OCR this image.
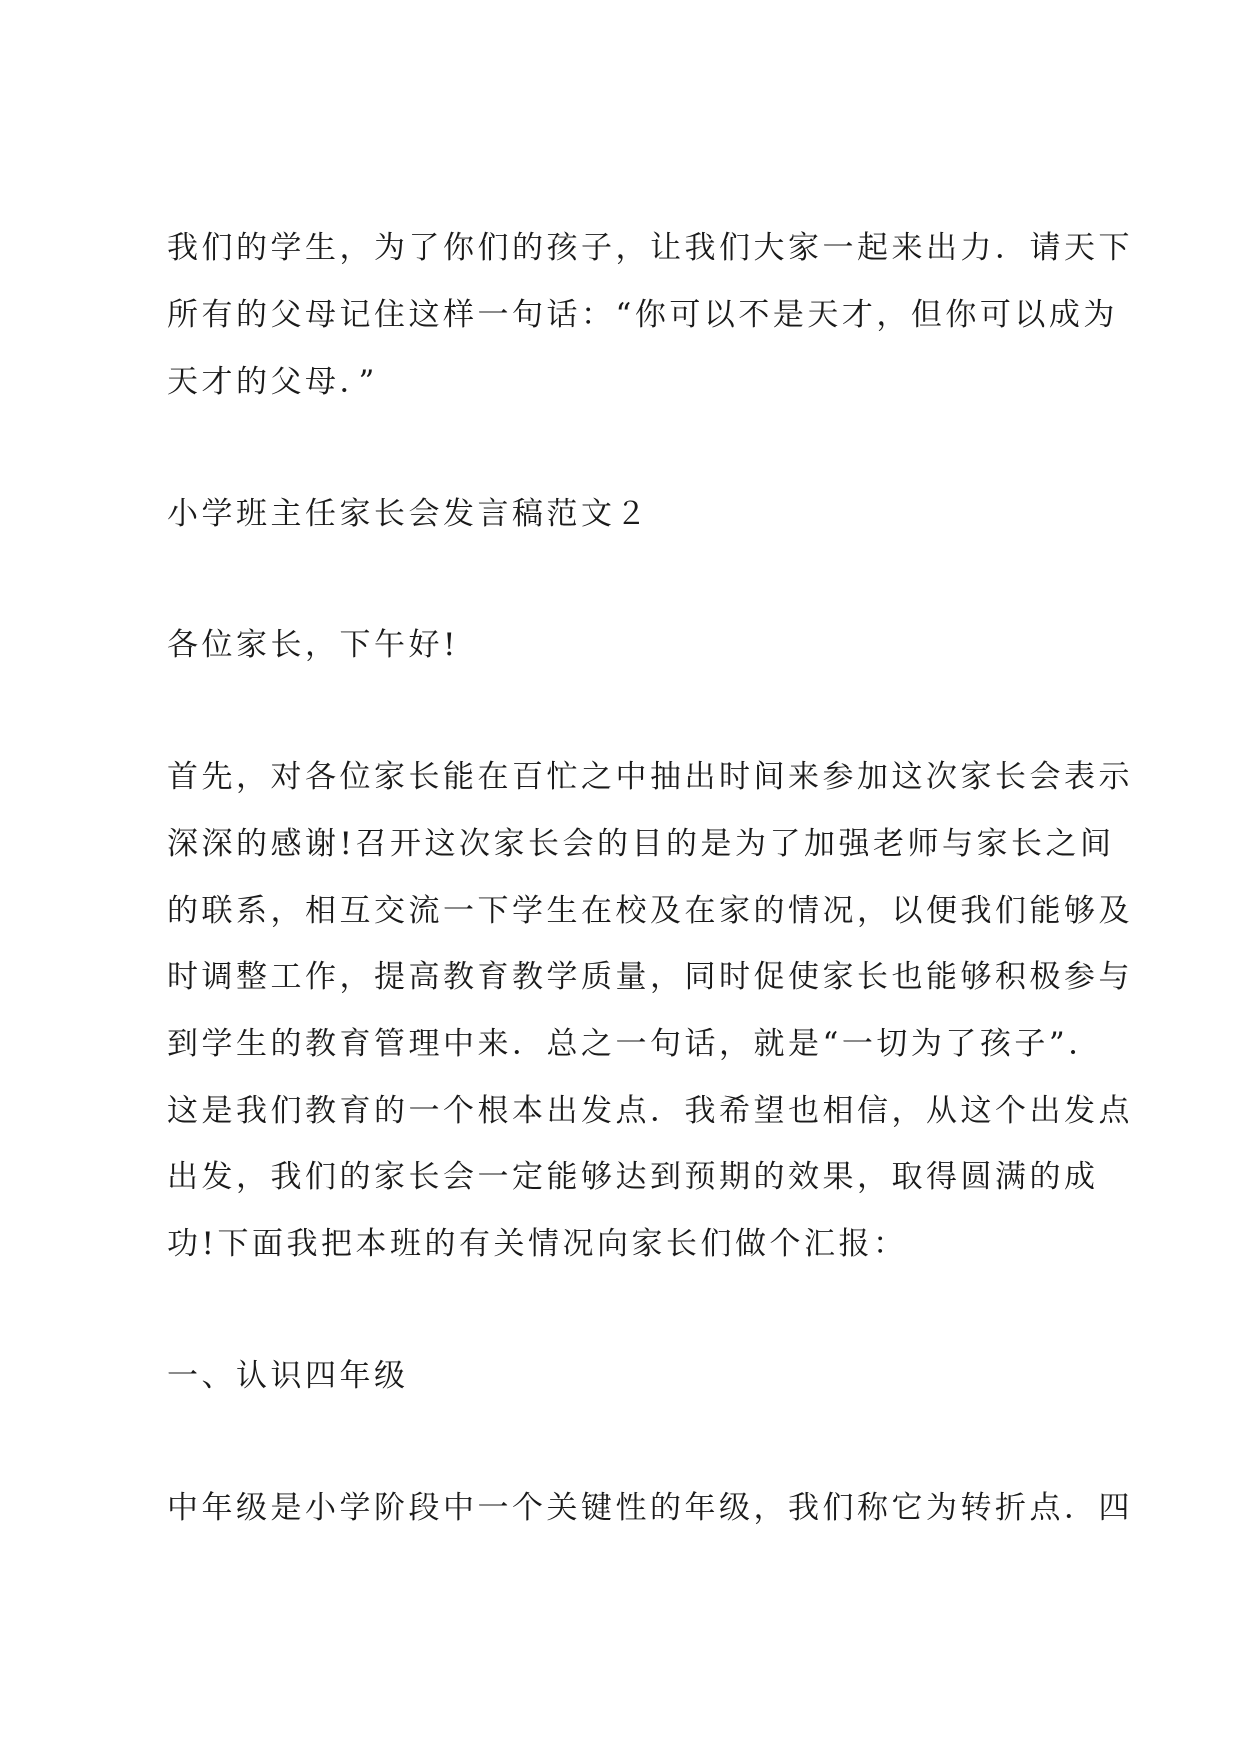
我们的学生，为了你们的孩子，让我们大家一起来出力．请天下
所有的父母记住这样一句话：“你可以不是天才，但你可以成为
天才的父母．”
小学班主任家长会发言稿范文２
各位家长，下午好!
首先，对各位家长能在百忙之中抽出时间来参加这次家长会表示
深深的感谢!召开这次家长会的目的是为了加强老师与家长之间
的联系，相互交流一下学生在校及在家的情况，以便我们能够及
时调整工作，提高教育教学质量，同时促使家长也能够积极参与
到学生的教育管理中来．总之一句话，就是“一切为了孩子”．
这是我们教育的一个根本出发点．我希望也相信，从这个出发点
出发，我们的家长会一定能够达到预期的效果，取得圆满的成
功!下面我把本班的有关情况向家长们做个汇报：
一、认识四年级
中年级是小学阶段中一个关键性的年级，我们称它为转折点．四
